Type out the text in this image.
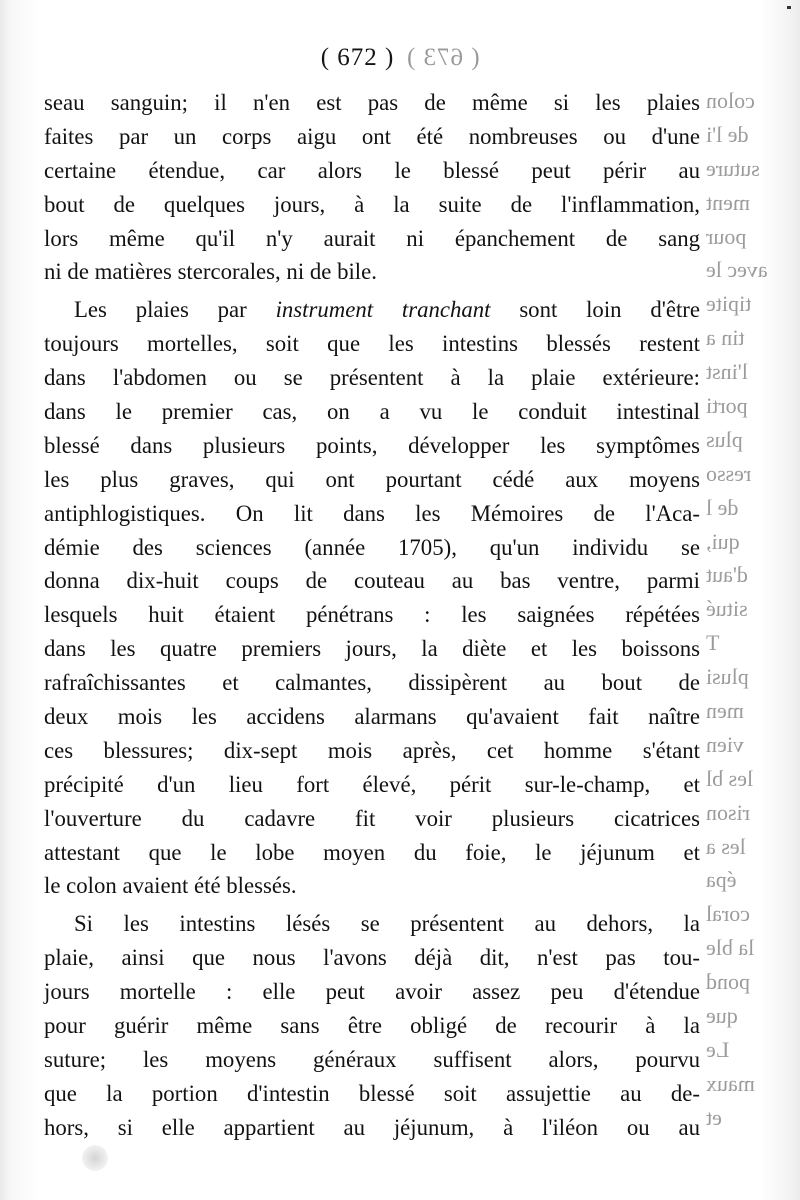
colon
de l'i
suture
ment
pour
avec le
tipite
tin a
l'inst
porti
plus
resso
de l
qui,
d'aut
situé
T
plusi
men
vien
les bl
rison
les a
épa
coral
la ble
pond
que
Le
maux
et
( 672 ) ( 673 )
seau sanguin; il n'en est pas de même si les plaies
faites par un corps aigu ont été nombreuses ou d'une
certaine étendue, car alors le blessé peut périr au
bout de quelques jours, à la suite de l'inflammation,
lors même qu'il n'y aurait ni épanchement de sang
ni de matières stercorales, ni de bile.
Les plaies par instrument tranchant sont loin d'être
toujours mortelles, soit que les intestins blessés restent
dans l'abdomen ou se présentent à la plaie extérieure:
dans le premier cas, on a vu le conduit intestinal
blessé dans plusieurs points, développer les symptômes
les plus graves, qui ont pourtant cédé aux moyens
antiphlogistiques. On lit dans les Mémoires de l'Aca-
démie des sciences (année 1705), qu'un individu se
donna dix-huit coups de couteau au bas ventre, parmi
lesquels huit étaient pénétrans : les saignées répétées
dans les quatre premiers jours, la diète et les boissons
rafraîchissantes et calmantes, dissipèrent au bout de
deux mois les accidens alarmans qu'avaient fait naître
ces blessures; dix-sept mois après, cet homme s'étant
précipité d'un lieu fort élevé, périt sur-le-champ, et
l'ouverture du cadavre fit voir plusieurs cicatrices
attestant que le lobe moyen du foie, le jéjunum et
le colon avaient été blessés.
Si les intestins lésés se présentent au dehors, la
plaie, ainsi que nous l'avons déjà dit, n'est pas tou-
jours mortelle : elle peut avoir assez peu d'étendue
pour guérir même sans être obligé de recourir à la
suture; les moyens généraux suffisent alors, pourvu
que la portion d'intestin blessé soit assujettie au de-
hors, si elle appartient au jéjunum, à l'iléon ou au
